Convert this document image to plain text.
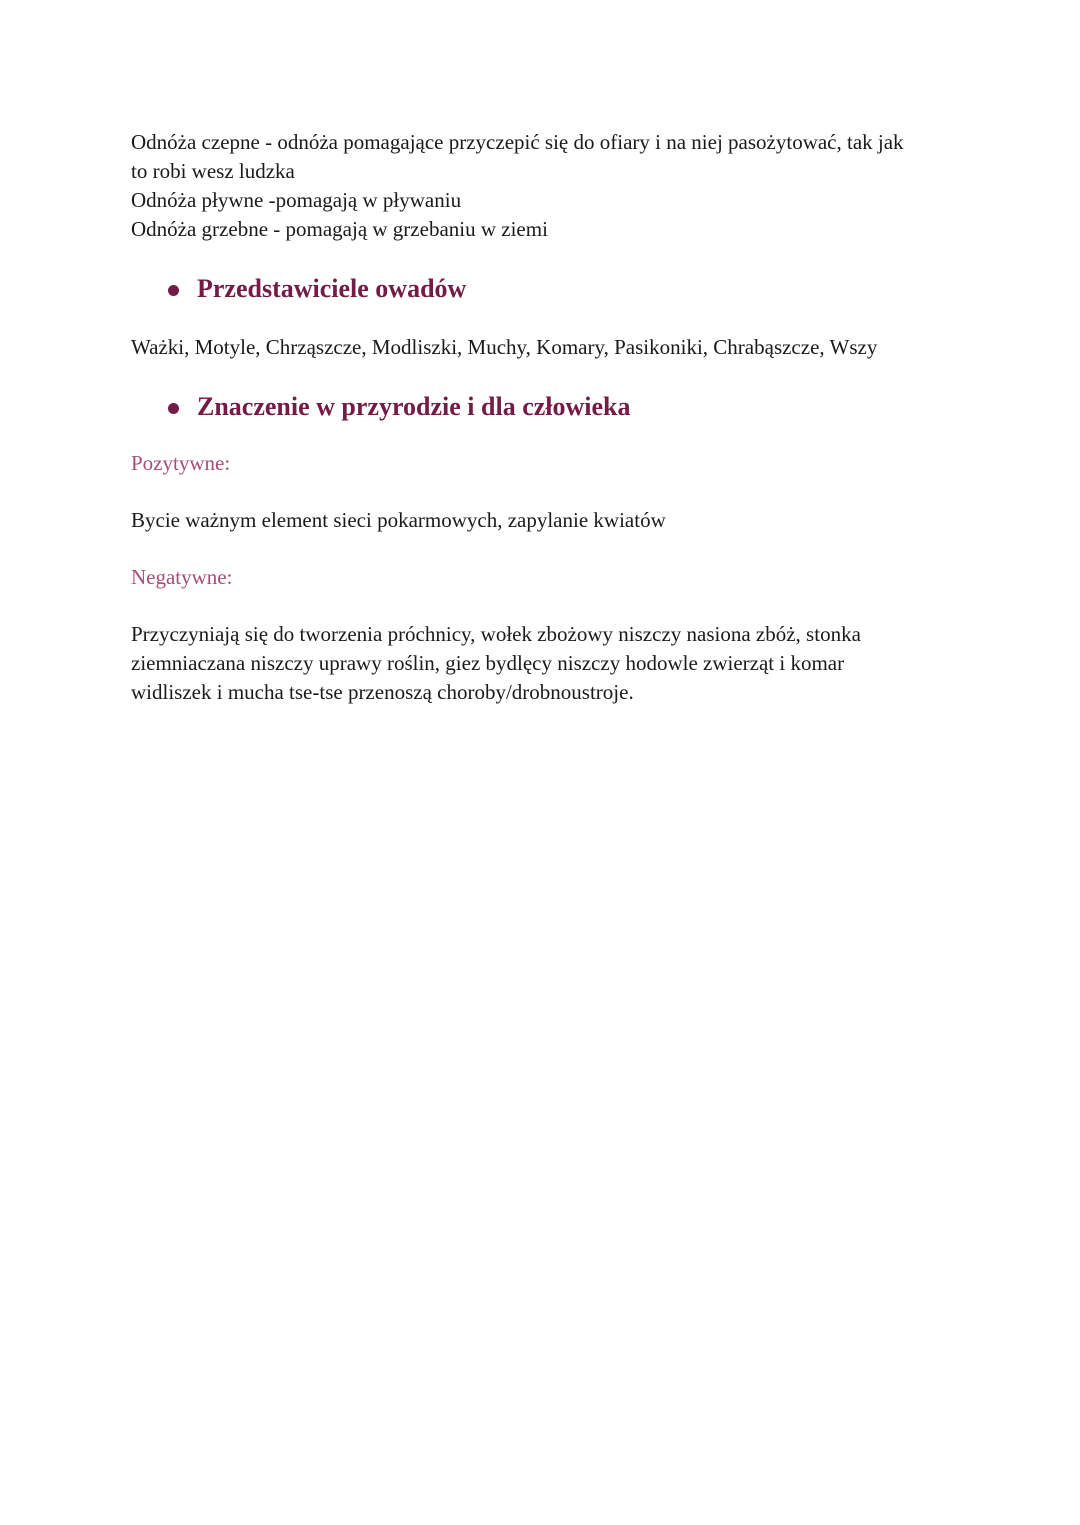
Odnóża czepne - odnóża pomagające przyczepić się do ofiary i na niej pasożytować, tak jak

to robi wesz ludzka

Odnóża pływne -pomagają w pływaniu

Odnóża grzebne - pomagają w grzebaniu w ziemi

Przedstawiciele owadów

Ważki, Motyle, Chrząszcze, Modliszki, Muchy, Komary, Pasikoniki, Chrabąszcze, Wszy

Znaczenie w przyrodzie i dla człowieka

Pozytywne:

Bycie ważnym element sieci pokarmowych, zapylanie kwiatów

Negatywne:

Przyczyniają się do tworzenia próchnicy, wołek zbożowy niszczy nasiona zbóż, stonka

ziemniaczana niszczy uprawy roślin, giez bydlęcy niszczy hodowle zwierząt i komar

widliszek i mucha tse-tse przenoszą choroby/drobnoustroje.
